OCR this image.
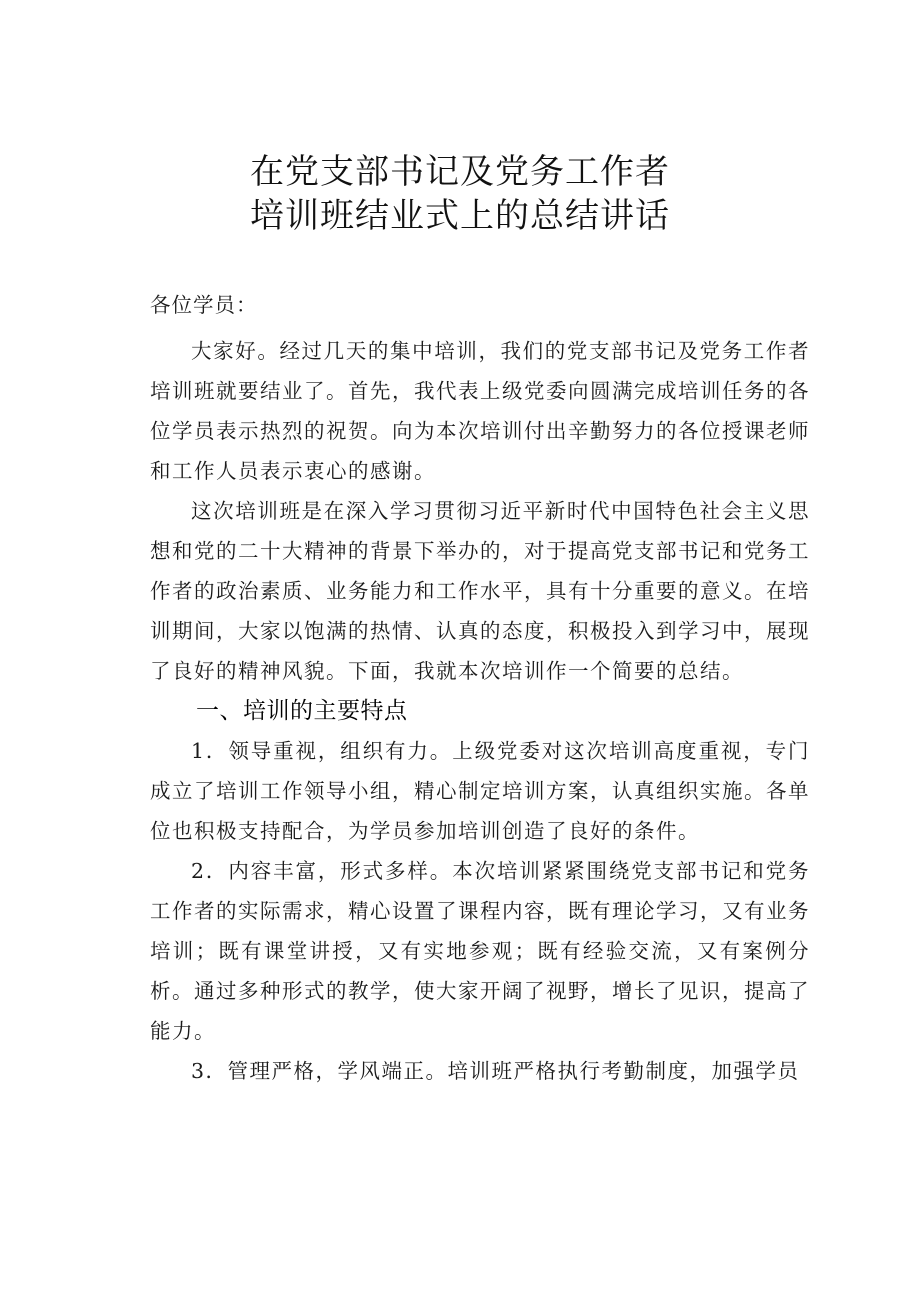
在党支部书记及党务工作者
培训班结业式上的总结讲话

各位学员：

大家好。经过几天的集中培训，我们的党支部书记及党务工作者培训班就要结业了。首先，我代表上级党委向圆满完成培训任务的各位学员表示热烈的祝贺。向为本次培训付出辛勤努力的各位授课老师和工作人员表示衷心的感谢。

这次培训班是在深入学习贯彻习近平新时代中国特色社会主义思想和党的二十大精神的背景下举办的，对于提高党支部书记和党务工作者的政治素质、业务能力和工作水平，具有十分重要的意义。在培训期间，大家以饱满的热情、认真的态度，积极投入到学习中，展现了良好的精神风貌。下面，我就本次培训作一个简要的总结。

一、培训的主要特点

1．领导重视，组织有力。上级党委对这次培训高度重视，专门成立了培训工作领导小组，精心制定培训方案，认真组织实施。各单位也积极支持配合，为学员参加培训创造了良好的条件。

2．内容丰富，形式多样。本次培训紧紧围绕党支部书记和党务工作者的实际需求，精心设置了课程内容，既有理论学习，又有业务培训；既有课堂讲授，又有实地参观；既有经验交流，又有案例分析。通过多种形式的教学，使大家开阔了视野，增长了见识，提高了能力。

3．管理严格，学风端正。培训班严格执行考勤制度，加强学员
